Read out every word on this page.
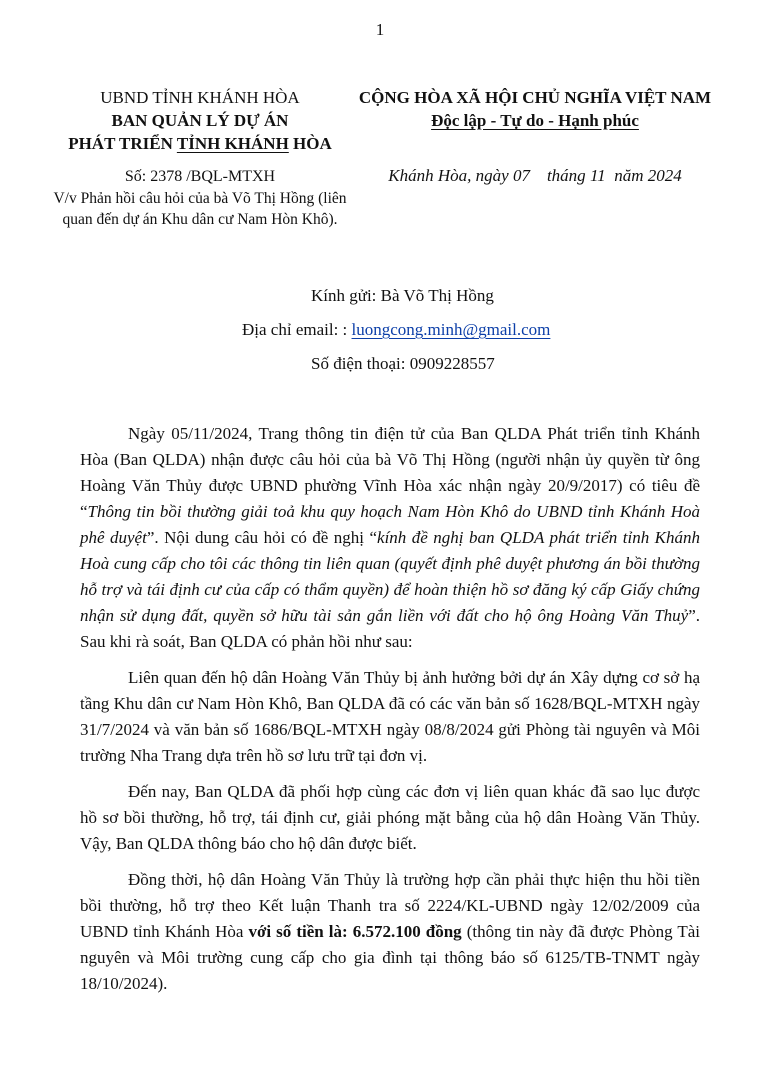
1
UBND TỈNH KHÁNH HÒA
BAN QUẢN LÝ DỰ ÁN
PHÁT TRIỂN TỈNH KHÁNH HÒA
CỘNG HÒA XÃ HỘI CHỦ NGHĨA VIỆT NAM
Độc lập - Tự do - Hạnh phúc
Số: 2378 /BQL-MTXH
V/v Phản hồi câu hỏi của bà Võ Thị Hồng (liên quan đến dự án Khu dân cư Nam Hòn Khô).
Khánh Hòa, ngày 07 tháng 11 năm 2024
Kính gửi: Bà Võ Thị Hồng
Địa chỉ email: : luongcong.minh@gmail.com
Số điện thoại: 0909228557

Ngày 05/11/2024, Trang thông tin điện tử của Ban QLDA Phát triển tỉnh Khánh Hòa (Ban QLDA) nhận được câu hỏi của bà Võ Thị Hồng (người nhận ủy quyền từ ông Hoàng Văn Thủy được UBND phường Vĩnh Hòa xác nhận ngày 20/9/2017) có tiêu đề “Thông tin bồi thường giải toả khu quy hoạch Nam Hòn Khô do UBND tỉnh Khánh Hoà phê duyệt”. Nội dung câu hỏi có đề nghị “kính đề nghị ban QLDA phát triển tỉnh Khánh Hoà cung cấp cho tôi các thông tin liên quan (quyết định phê duyệt phương án bồi thường hỗ trợ và tái định cư của cấp có thẩm quyền) để hoàn thiện hồ sơ đăng ký cấp Giấy chứng nhận sử dụng đất, quyền sở hữu tài sản gắn liền với đất cho hộ ông Hoàng Văn Thuỷ”. Sau khi rà soát, Ban QLDA có phản hồi như sau:

Liên quan đến hộ dân Hoàng Văn Thủy bị ảnh hưởng bởi dự án Xây dựng cơ sở hạ tầng Khu dân cư Nam Hòn Khô, Ban QLDA đã có các văn bản số 1628/BQL-MTXH ngày 31/7/2024 và văn bản số 1686/BQL-MTXH ngày 08/8/2024 gửi Phòng tài nguyên và Môi trường Nha Trang dựa trên hồ sơ lưu trữ tại đơn vị.

Đến nay, Ban QLDA đã phối hợp cùng các đơn vị liên quan khác đã sao lục được hồ sơ bồi thường, hỗ trợ, tái định cư, giải phóng mặt bằng của hộ dân Hoàng Văn Thủy. Vậy, Ban QLDA thông báo cho hộ dân được biết.

Đồng thời, hộ dân Hoàng Văn Thủy là trường hợp cần phải thực hiện thu hồi tiền bồi thường, hỗ trợ theo Kết luận Thanh tra số 2224/KL-UBND ngày 12/02/2009 của UBND tỉnh Khánh Hòa với số tiền là: 6.572.100 đồng (thông tin này đã được Phòng Tài nguyên và Môi trường cung cấp cho gia đình tại thông báo số 6125/TB-TNMT ngày 18/10/2024).
